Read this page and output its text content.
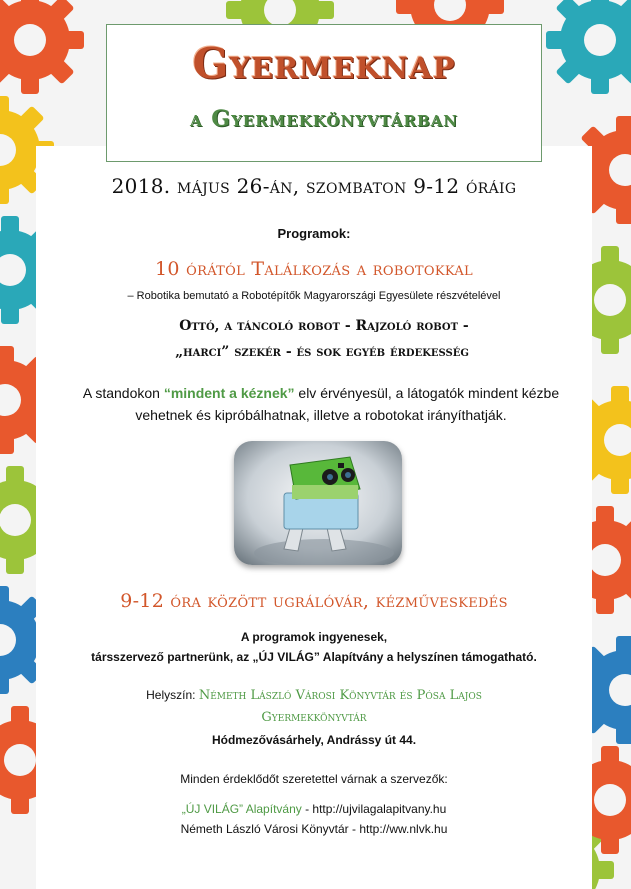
Gyermeknap
a Gyermekkönyvtárban
2018. május 26-án, szombaton 9-12 óráig
Programok:
10 órától Találkozás a robotokkal
– Robotika bemutató a Robotépítők Magyarországi Egyesülete részvételével
Ottó, a táncoló robot - Rajzoló robot -
„harci” szekér - és sok egyéb érdekesség
A standokon “mindent a kéznek” elv érvényesül, a látogatók mindent kézbe vehetnek és kipróbálhatnak, illetve a robotokat irányíthatják.
9-12 óra között ugrálóvár, kézműveskedés
A programok ingyenesek,
társszervező partnerünk, az „ÚJ VILÁG” Alapítvány a helyszínen támogatható.
Helyszín: Németh László Városi Könyvtár és Pósa Lajos
Gyermekkönyvtár
Hódmezővásárhely, Andrássy út 44.
Minden érdeklődőt szeretettel várnak a szervezők:
„ÚJ VILÁG” Alapítvány - http://ujvilagalapitvany.hu
Németh László Városi Könyvtár - http://ww.nlvk.hu
